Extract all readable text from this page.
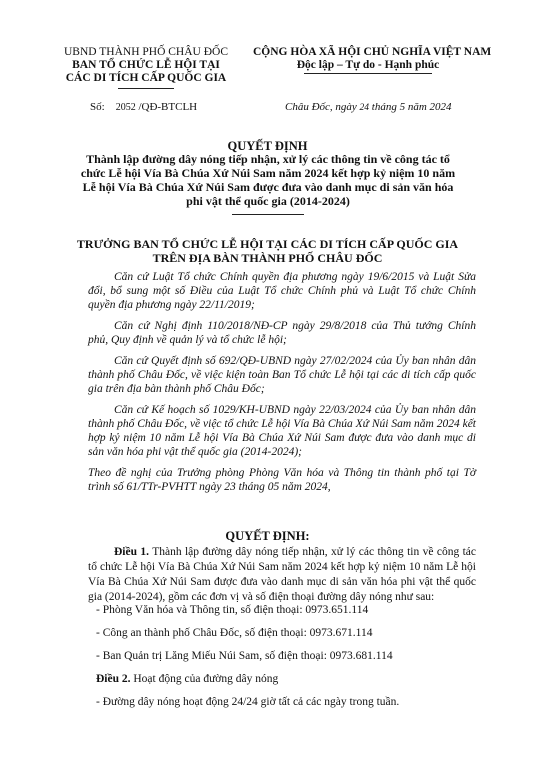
UBND THÀNH PHỐ CHÂU ĐỐC
BAN TỔ CHỨC LỄ HỘI TẠI
CÁC DI TÍCH CẤP QUỐC GIA
CỘNG HÒA XÃ HỘI CHỦ NGHĨA VIỆT NAM
Độc lập – Tự do - Hạnh phúc
Số: 2052 /QĐ-BTCLH	Châu Đốc, ngày 24 tháng 5 năm 2024
QUYẾT ĐỊNH
Thành lập đường dây nóng tiếp nhận, xử lý các thông tin về công tác tổ
chức Lễ hội Vía Bà Chúa Xứ Núi Sam năm 2024 kết hợp kỷ niệm 10 năm
Lễ hội Vía Bà Chúa Xứ Núi Sam được đưa vào danh mục di sản văn hóa
phi vật thể quốc gia (2014-2024)
TRƯỞNG BAN TỔ CHỨC LỄ HỘI TẠI CÁC DI TÍCH CẤP QUỐC GIA
TRÊN ĐỊA BÀN THÀNH PHỐ CHÂU ĐỐC

Căn cứ Luật Tổ chức Chính quyền địa phương ngày 19/6/2015 và Luật Sửa đổi, bổ sung một số Điều của Luật Tổ chức Chính phủ và Luật Tổ chức Chính quyền địa phương ngày 22/11/2019;

Căn cứ Nghị định 110/2018/NĐ-CP ngày 29/8/2018 của Thủ tướng Chính phủ, Quy định về quản lý và tổ chức lễ hội;

Căn cứ Quyết định số 692/QĐ-UBND ngày 27/02/2024 của Ủy ban nhân dân thành phố Châu Đốc, về việc kiện toàn Ban Tổ chức Lễ hội tại các di tích cấp quốc gia trên địa bàn thành phố Châu Đốc;

Căn cứ Kế hoạch số 1029/KH-UBND ngày 22/03/2024 của Ủy ban nhân dân thành phố Châu Đốc, về việc tổ chức Lễ hội Vía Bà Chúa Xứ Núi Sam năm 2024 kết hợp kỷ niệm 10 năm Lễ hội Vía Bà Chúa Xứ Núi Sam được đưa vào danh mục di sản văn hóa phi vật thể quốc gia (2014-2024);

Theo đề nghị của Trưởng phòng Phòng Văn hóa và Thông tin thành phố tại Tờ trình số 61/TTr-PVHTT ngày 23 tháng 05 năm 2024,

QUYẾT ĐỊNH:

Điều 1. Thành lập đường dây nóng tiếp nhận, xử lý các thông tin về công tác tổ chức Lễ hội Vía Bà Chúa Xứ Núi Sam năm 2024 kết hợp kỷ niệm 10 năm Lễ hội Vía Bà Chúa Xứ Núi Sam được đưa vào danh mục di sản văn hóa phi vật thể quốc gia (2014-2024), gồm các đơn vị và số điện thoại đường dây nóng như sau:

- Phòng Văn hóa và Thông tin, số điện thoại: 0973.651.114
- Công an thành phố Châu Đốc, số điện thoại: 0973.671.114
- Ban Quản trị Lăng Miếu Núi Sam, số điện thoại: 0973.681.114
Điều 2. Hoạt động của đường dây nóng
- Đường dây nóng hoạt động 24/24 giờ tất cả các ngày trong tuần.
